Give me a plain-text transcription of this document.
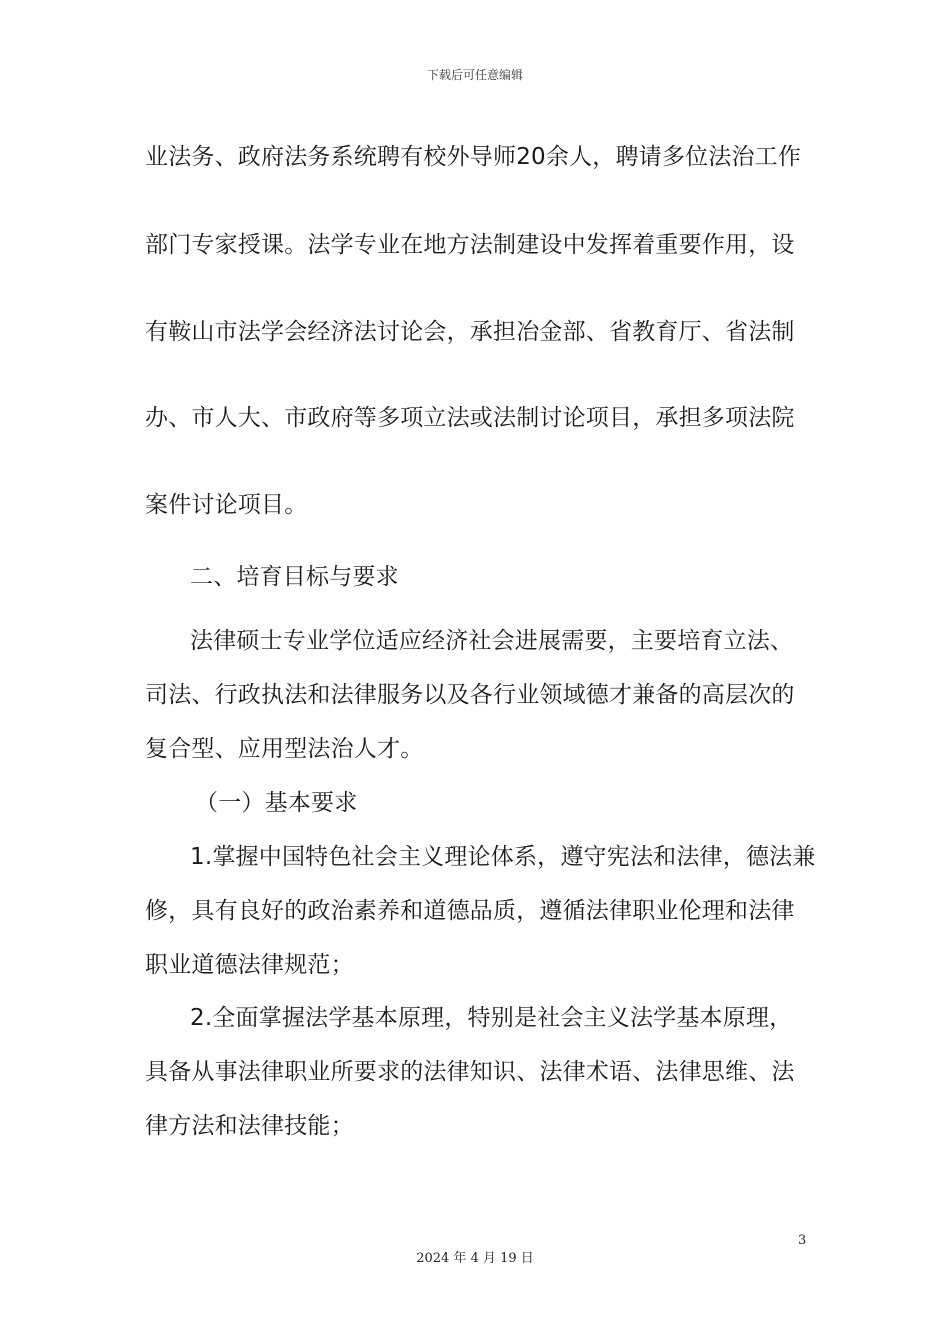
下载后可任意编辑
业法务、政府法务系统聘有校外导师20余人，聘请多位法治工作
部门专家授课。法学专业在地方法制建设中发挥着重要作用，设
有鞍山市法学会经济法讨论会，承担冶金部、省教育厅、省法制
办、市人大、市政府等多项立法或法制讨论项目，承担多项法院
案件讨论项目。
二、培育目标与要求
法律硕士专业学位适应经济社会进展需要，主要培育立法、
司法、行政执法和法律服务以及各行业领域德才兼备的高层次的
复合型、应用型法治人才。
（一）基本要求
1.掌握中国特色社会主义理论体系，遵守宪法和法律，德法兼
修，具有良好的政治素养和道德品质，遵循法律职业伦理和法律
职业道德法律规范；
2.全面掌握法学基本原理，特别是社会主义法学基本原理，
具备从事法律职业所要求的法律知识、法律术语、法律思维、法
律方法和法律技能；
3
2024 年 4 月 19 日
